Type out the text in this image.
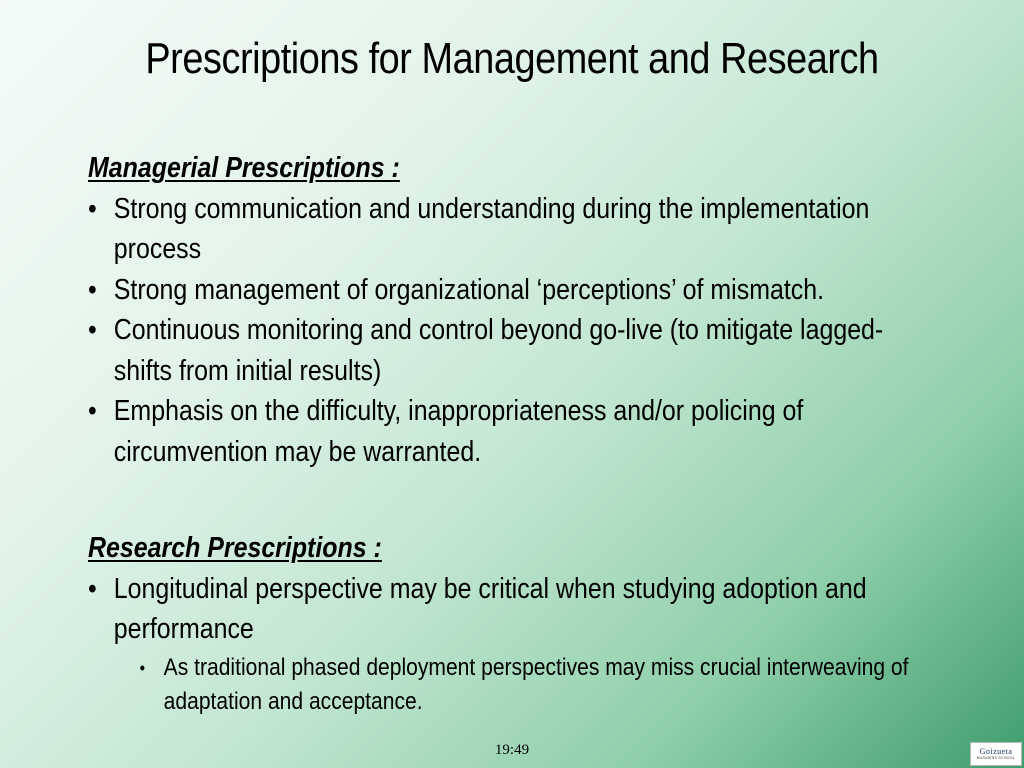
Prescriptions for Management and Research
Managerial Prescriptions :
• Strong communication and understanding during the implementation process
• Strong management of organizational ‘perceptions’ of mismatch.
• Continuous monitoring and control beyond go-live (to mitigate lagged-shifts from initial results)
• Emphasis on the difficulty, inappropriateness and/or policing of circumvention may be warranted.
Research Prescriptions :
• Longitudinal perspective may be critical when studying adoption and performance
• As traditional phased deployment perspectives may miss crucial interweaving of adaptation and acceptance.
19:49	Goizueta
BUSINESS SCHOOL
